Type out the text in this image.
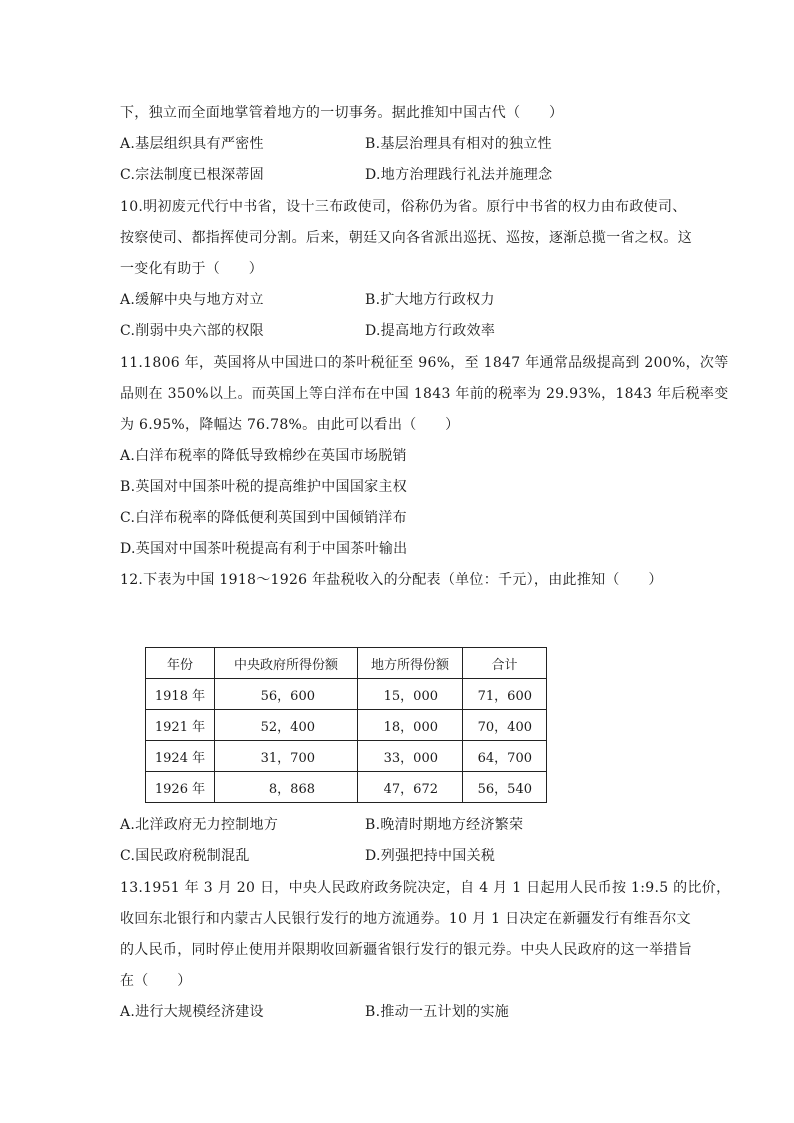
下，独立而全面地掌管着地方的一切事务。据此推知中国古代（　　）
A.基层组织具有严密性	B.基层治理具有相对的独立性
C.宗法制度已根深蒂固	D.地方治理践行礼法并施理念
10.明初废元代行中书省，设十三布政使司，俗称仍为省。原行中书省的权力由布政使司、
按察使司、都指挥使司分割。后来，朝廷又向各省派出巡抚、巡按，逐渐总揽一省之权。这
一变化有助于（　　）
A.缓解中央与地方对立	B.扩大地方行政权力
C.削弱中央六部的权限	D.提高地方行政效率
11.1806 年，英国将从中国进口的茶叶税征至 96%，至 1847 年通常品级提高到 200%，次等
品则在 350%以上。而英国上等白洋布在中国 1843 年前的税率为 29.93%，1843 年后税率变
为 6.95%，降幅达 76.78%。由此可以看出（　　）
A.白洋布税率的降低导致棉纱在英国市场脱销
B.英国对中国茶叶税的提高维护中国国家主权
C.白洋布税率的降低便利英国到中国倾销洋布
D.英国对中国茶叶税提高有利于中国茶叶输出
12.下表为中国 1918～1926 年盐税收入的分配表（单位：千元），由此推知（　　）
年份	中央政府所得份额	地方所得份额	合计
1918 年	56，600	15，000	71，600
1921 年	52，400	18，000	70，400
1924 年	31，700	33，000	64，700
1926 年	8，868	47，672	56，540
A.北洋政府无力控制地方	B.晚清时期地方经济繁荣
C.国民政府税制混乱	D.列强把持中国关税
13.1951 年 3 月 20 日，中央人民政府政务院决定，自 4 月 1 日起用人民币按 1:9.5 的比价，
收回东北银行和内蒙古人民银行发行的地方流通券。10 月 1 日决定在新疆发行有维吾尔文
的人民币，同时停止使用并限期收回新疆省银行发行的银元券。中央人民政府的这一举措旨
在（　　）
A.进行大规模经济建设	B.推动一五计划的实施
